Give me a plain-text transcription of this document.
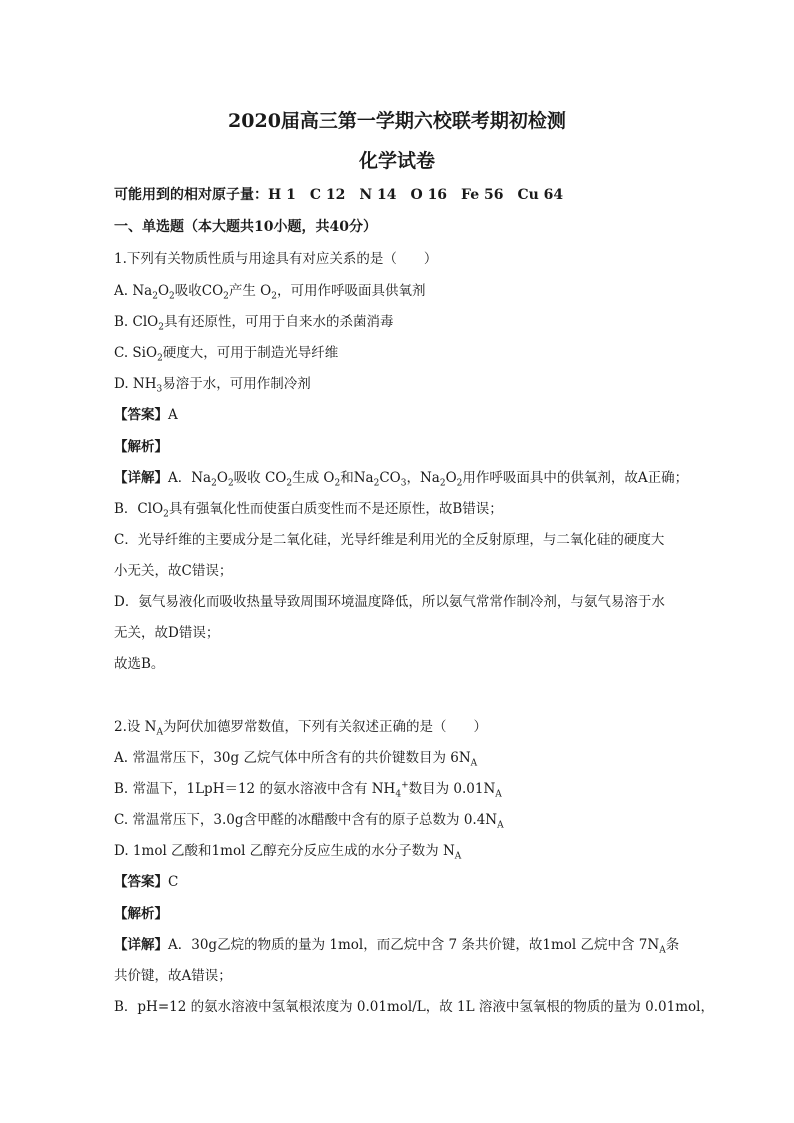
2020届高三第一学期六校联考期初检测
化学试卷
可能用到的相对原子量：H 1　C 12　N 14　O 16　Fe 56　Cu 64
一、单选题（本大题共10小题，共40分）
1.下列有关物质性质与用途具有对应关系的是（　　）
A. $Na_2O_2$吸收$CO_2$产生 $O_2$，可用作呼吸面具供氧剂
B. ClO$_2$具有还原性，可用于自来水的杀菌消毒
C. SiO$_2$硬度大，可用于制造光导纤维
D. $NH_3$易溶于水，可用作制冷剂
【答案】A
【解析】
【详解】A．$Na_2O_2$吸收 $CO_2$生成 $O_2$和$Na_2CO_3$，$Na_2O_2$用作呼吸面具中的供氧剂，故A正确；
B．ClO$_2$具有强氧化性而使蛋白质变性而不是还原性，故B错误；
C．光导纤维的主要成分是二氧化硅，光导纤维是利用光的全反射原理，与二氧化硅的硬度大
小无关，故C错误；
D．氨气易液化而吸收热量导致周围环境温度降低，所以氨气常常作制冷剂，与氨气易溶于水
无关，故D错误；
故选B。
2.设 $N_A$为阿伏加德罗常数值，下列有关叙述正确的是（　　）
A. 常温常压下，30g 乙烷气体中所含有的共价键数目为 $6N_A$
B. 常温下，1LpH＝12 的氨水溶液中含有 $NH_4^+$数目为 $0.01N_A$
C. 常温常压下，3.0g含甲醛的冰醋酸中含有的原子总数为 $0.4N_A$
D. 1mol 乙酸和1mol 乙醇充分反应生成的水分子数为 $N_A$
【答案】C
【解析】
【详解】A．30g乙烷的物质的量为 1mol，而乙烷中含 7 条共价键，故1mol 乙烷中含 $7N_A$条
共价键，故A错误；
B．pH=12 的氨水溶液中氢氧根浓度为 0.01mol/L，故 1L 溶液中氢氧根的物质的量为 0.01mol，
